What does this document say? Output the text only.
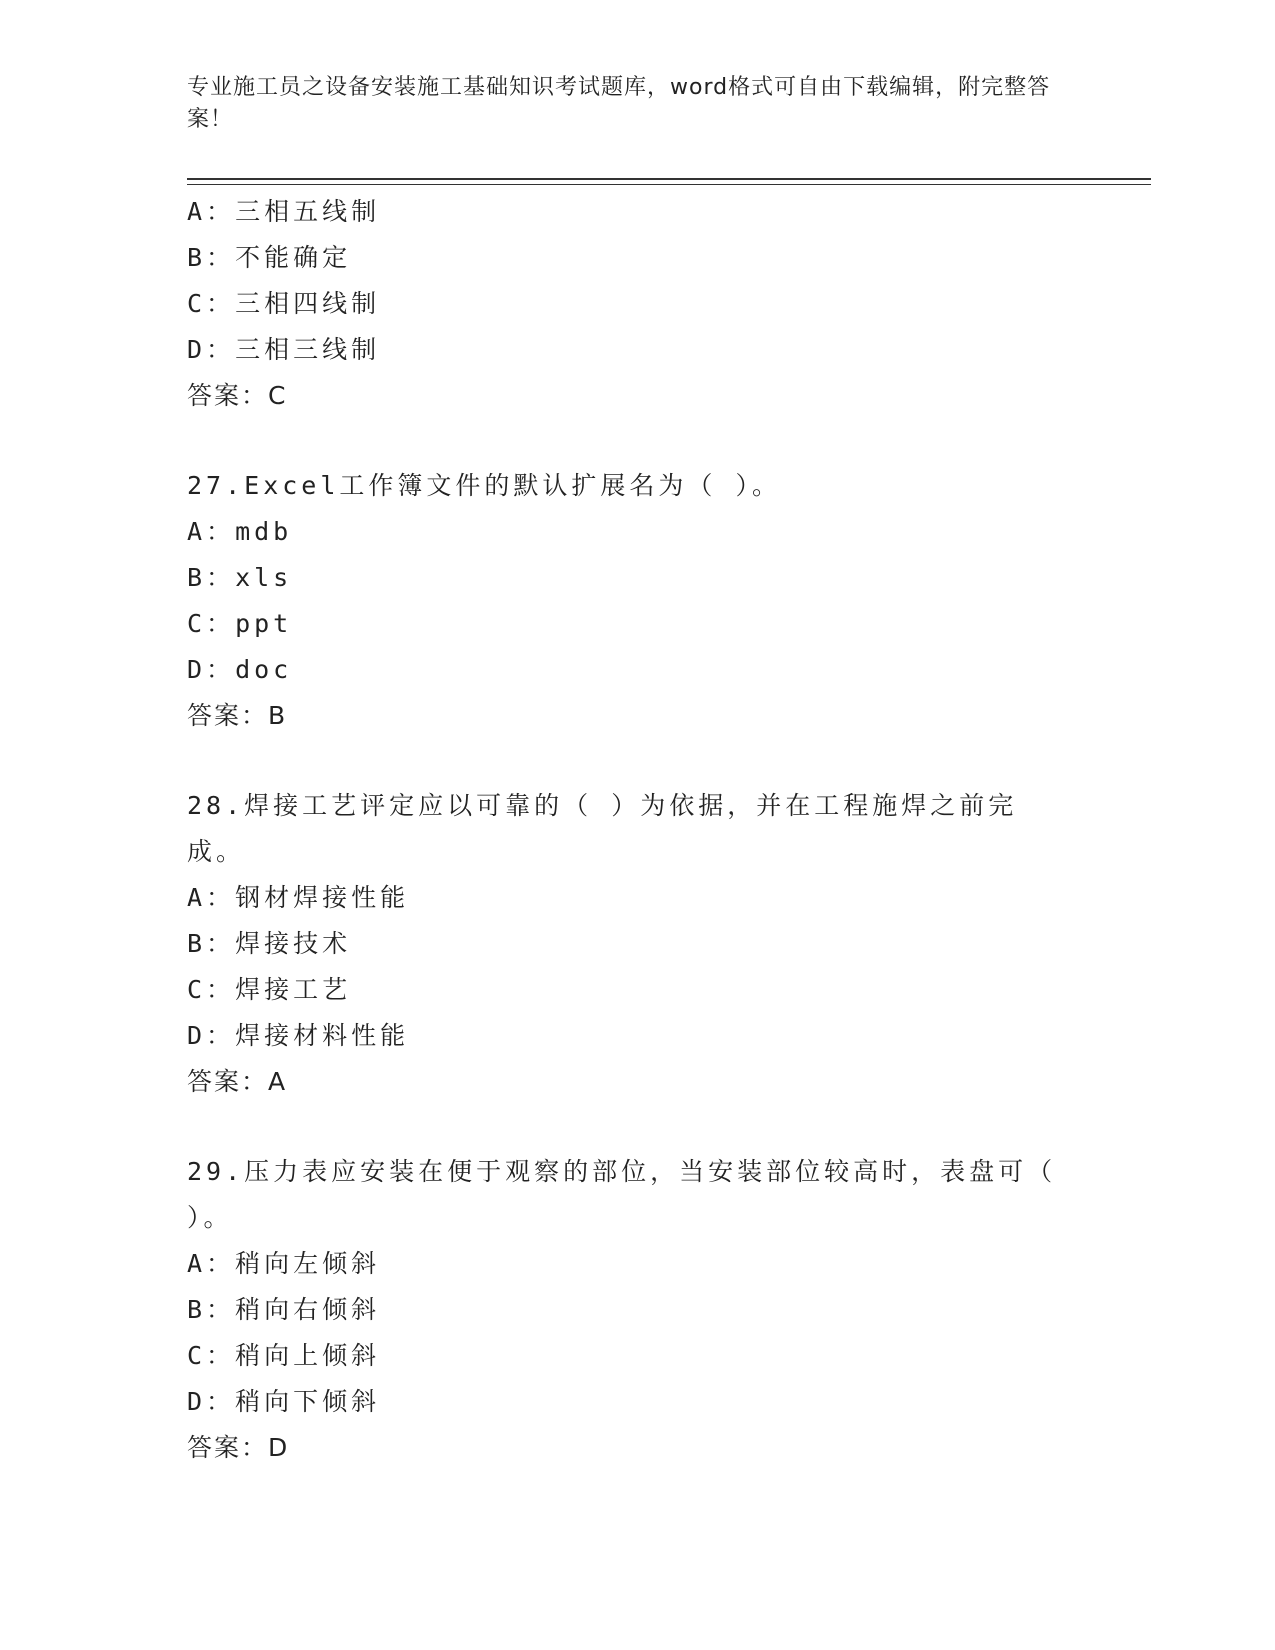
专业施工员之设备安装施工基础知识考试题库，word格式可自由下载编辑，附完整答案！
A：三相五线制
B：不能确定
C：三相四线制
D：三相三线制
答案：C
27.Excel工作簿文件的默认扩展名为（ ）。
A：mdb
B：xls
C：ppt
D：doc
答案：B
28.焊接工艺评定应以可靠的（ ）为依据，并在工程施焊之前完成。
A：钢材焊接性能
B：焊接技术
C：焊接工艺
D：焊接材料性能
答案：A
29.压力表应安装在便于观察的部位，当安装部位较高时，表盘可（ ）。
A：稍向左倾斜
B：稍向右倾斜
C：稍向上倾斜
D：稍向下倾斜
答案：D
